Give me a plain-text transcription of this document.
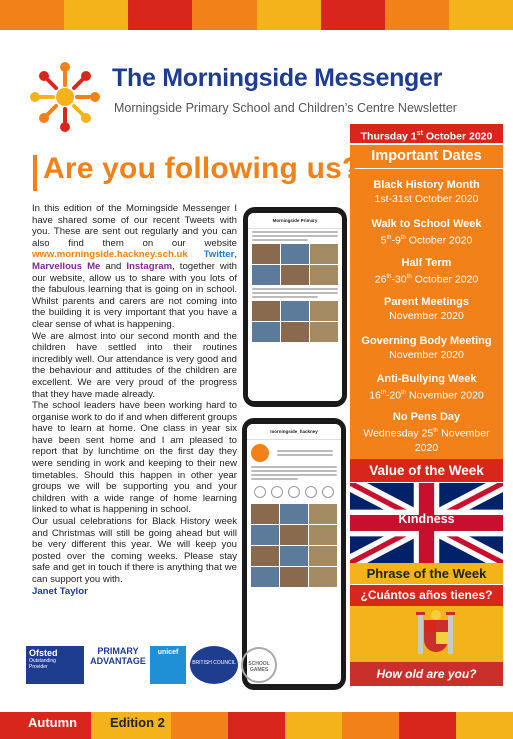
The Morningside Messenger
Morningside Primary School and Children’s Centre Newsletter
Thursday 1st October 2020
Important Dates
Black History Month
1st-31st October 2020
Walk to School Week
5th-9th October 2020
Half Term
26th-30th October 2020
Parent Meetings
November 2020
Governing Body Meeting
November 2020
Anti-Bullying Week
16th-20th November 2020
No Pens Day
Wednesday 25th November
2020
Value of the Week
Kindness
Phrase of the Week
¿Cuántos años tienes?
How old are you?
Are you following us?

In this edition of the Morningside Messenger I have shared some of our recent Tweets with you. These are sent out regularly and you can also find them on our website www.morningside.hackney.sch.uk Twitter, Marvellous Me and Instagram, together with our website, allow us to share with you lots of the fabulous learning that is going on in school. Whilst parents and carers are not coming into the building it is very important that you have a clear sense of what is happening.

We are almost into our second month and the children have settled into their routines incredibly well. Our attendance is very good and the behaviour and attitudes of the children are excellent. We are very proud of the progress that they have made already.

The school leaders have been working hard to organise work to do if and when different groups have to learn at home. One class in year six have been sent home and I am pleased to report that by lunchtime on the first day they were sending in work and keeping to their new timetables. Should this happen in other year groups we will be supporting you and your children with a wide range of home learning linked to what is happening in school.

Our usual celebrations for Black History week and Christmas will still be going ahead but will be very different this year. We will keep you posted over the coming weeks. Please stay safe and get in touch if there is anything that we can support you with.

Janet Taylor

Morningside Primary
morningside_hackney
Ofsted
Outstanding
Provider
PRIMARY
ADVANTAGE
unicef
BRITISH COUNCIL	SCHOOL GAMES
Autumn	Edition 2
